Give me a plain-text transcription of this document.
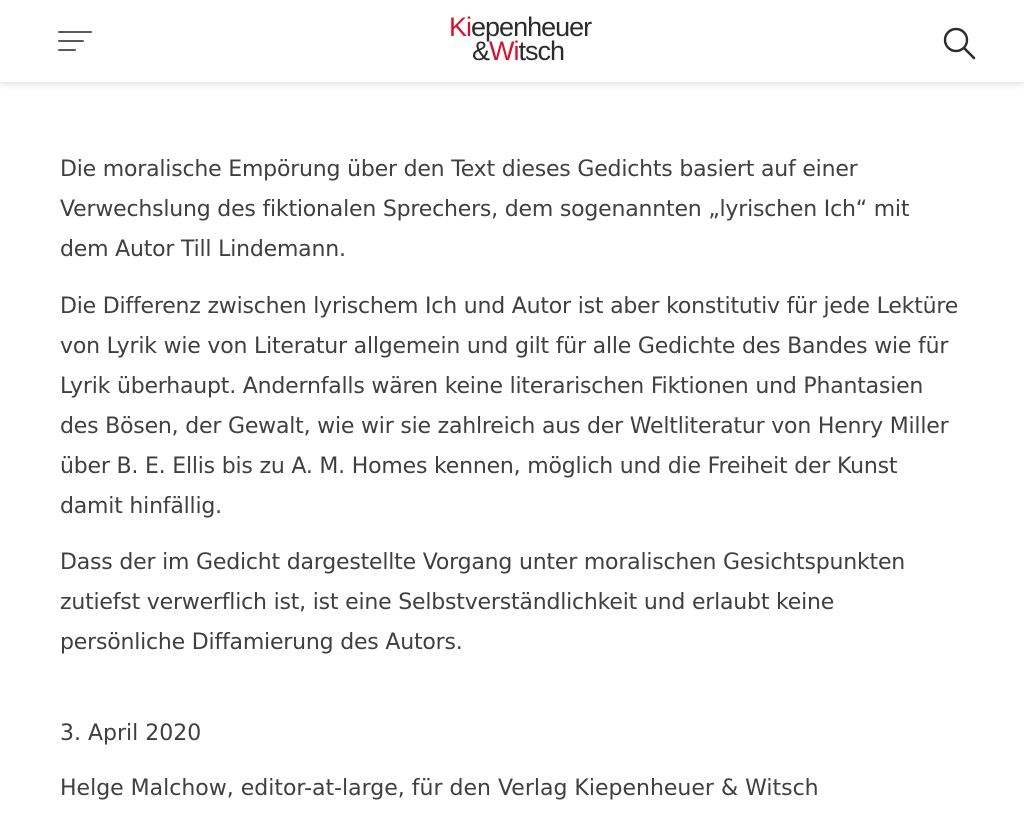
Kiepenheuer
&Witsch

Die moralische Empörung über den Text dieses Gedichts basiert auf einer Verwechslung des fiktionalen Sprechers, dem sogenannten „lyrischen Ich“ mit dem Autor Till Lindemann.

Die Differenz zwischen lyrischem Ich und Autor ist aber konstitutiv für jede Lektüre von Lyrik wie von Literatur allgemein und gilt für alle Gedichte des Bandes wie für Lyrik überhaupt. Andernfalls wären keine literarischen Fiktionen und Phantasien des Bösen, der Gewalt, wie wir sie zahlreich aus der Weltliteratur von Henry Miller über B. E. Ellis bis zu A. M. Homes kennen, möglich und die Freiheit der Kunst damit hinfällig.

Dass der im Gedicht dargestellte Vorgang unter moralischen Gesichtspunkten zutiefst verwerflich ist, ist eine Selbstverständlichkeit und erlaubt keine persönliche Diffamierung des Autors.

3. April 2020
Helge Malchow, editor-at-large, für den Verlag Kiepenheuer & Witsch
